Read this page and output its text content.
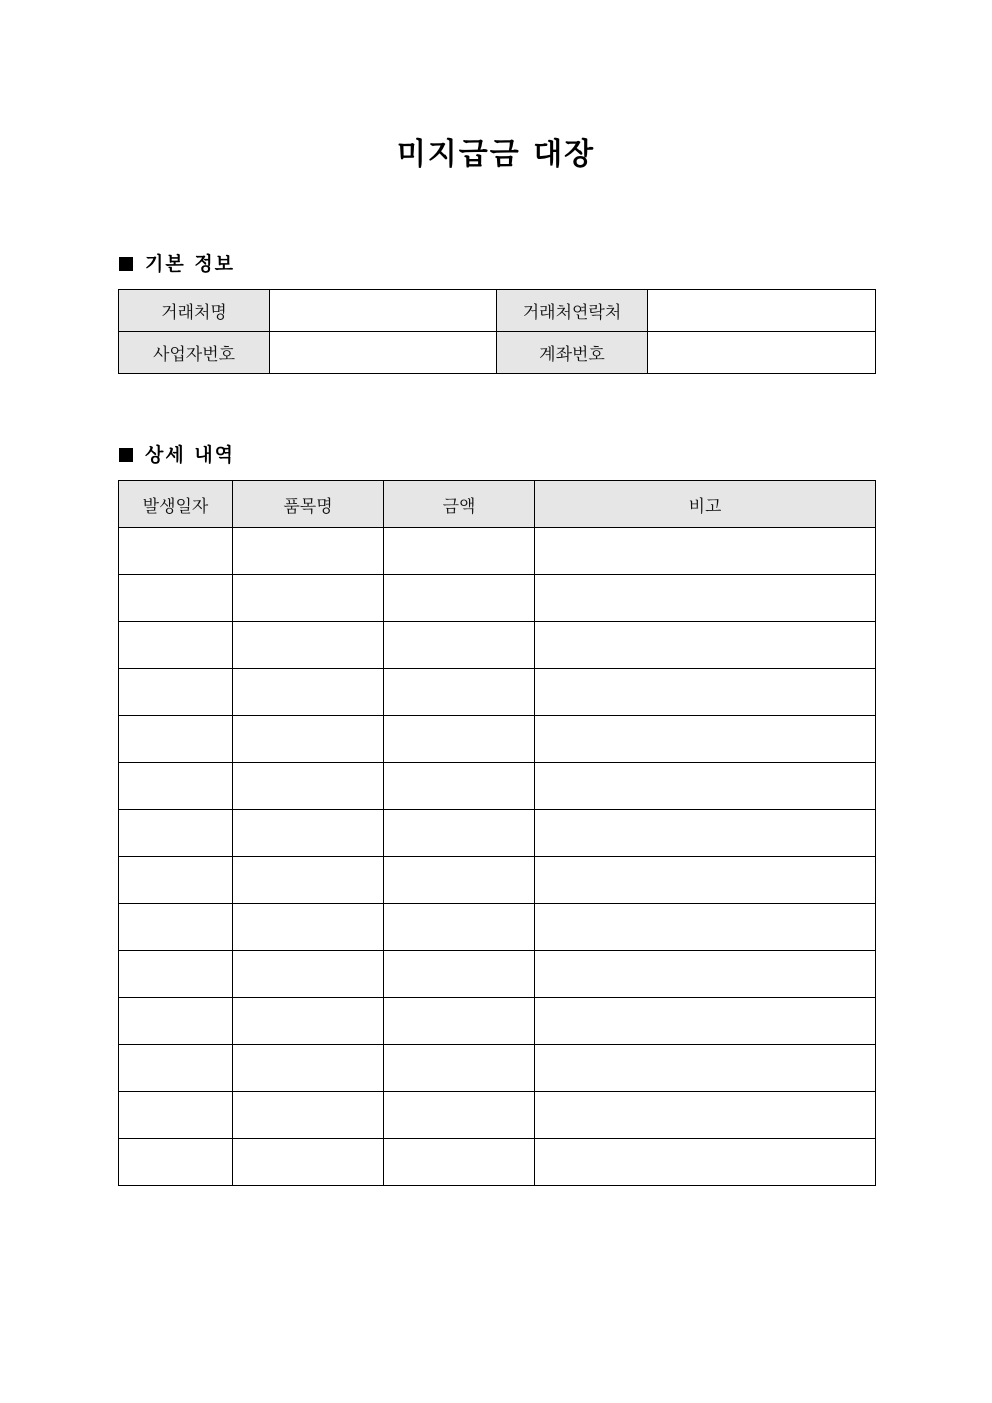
미지급금 대장
기본 정보
거래처명		거래처연락처	
사업자번호		계좌번호	
상세 내역
발생일자	품목명	금액	비고
